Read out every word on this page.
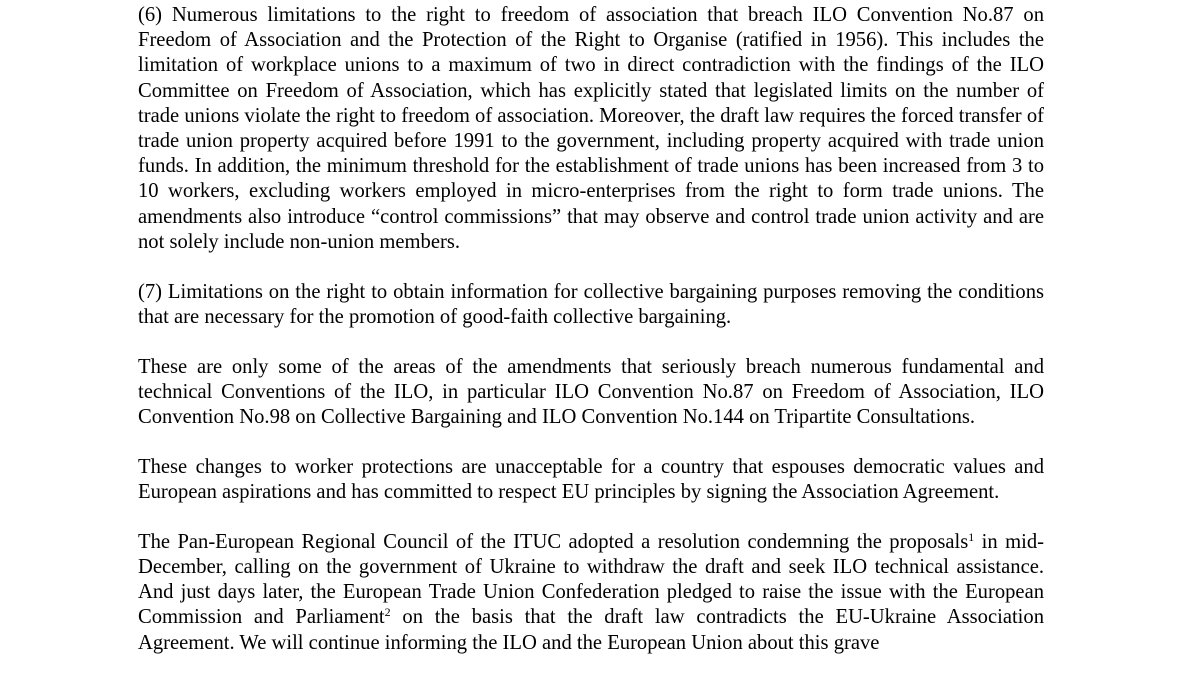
(6) Numerous limitations to the right to freedom of association that breach ILO Convention No.87 on Freedom of Association and the Protection of the Right to Organise (ratified in 1956). This includes the limitation of workplace unions to a maximum of two in direct contradiction with the findings of the ILO Committee on Freedom of Association, which has explicitly stated that legislated limits on the number of trade unions violate the right to freedom of association. Moreover, the draft law requires the forced transfer of trade union property acquired before 1991 to the government, including property acquired with trade union funds. In addition, the minimum threshold for the establishment of trade unions has been increased from 3 to 10 workers, excluding workers employed in micro-enterprises from the right to form trade unions. The amendments also introduce “control commissions” that may observe and control trade union activity and are not solely include non-union members.

(7) Limitations on the right to obtain information for collective bargaining purposes removing the conditions that are necessary for the promotion of good-faith collective bargaining.

These are only some of the areas of the amendments that seriously breach numerous fundamental and technical Conventions of the ILO, in particular ILO Convention No.87 on Freedom of Association, ILO Convention No.98 on Collective Bargaining and ILO Convention No.144 on Tripartite Consultations.

These changes to worker protections are unacceptable for a country that espouses democratic values and European aspirations and has committed to respect EU principles by signing the Association Agreement.

The Pan-European Regional Council of the ITUC adopted a resolution condemning the proposals$^1$ in mid-December, calling on the government of Ukraine to withdraw the draft and seek ILO technical assistance. And just days later, the European Trade Union Confederation pledged to raise the issue with the European Commission and Parliament$^2$ on the basis that the draft law contradicts the EU-Ukraine Association Agreement. We will continue informing the ILO and the European Union about this grave
